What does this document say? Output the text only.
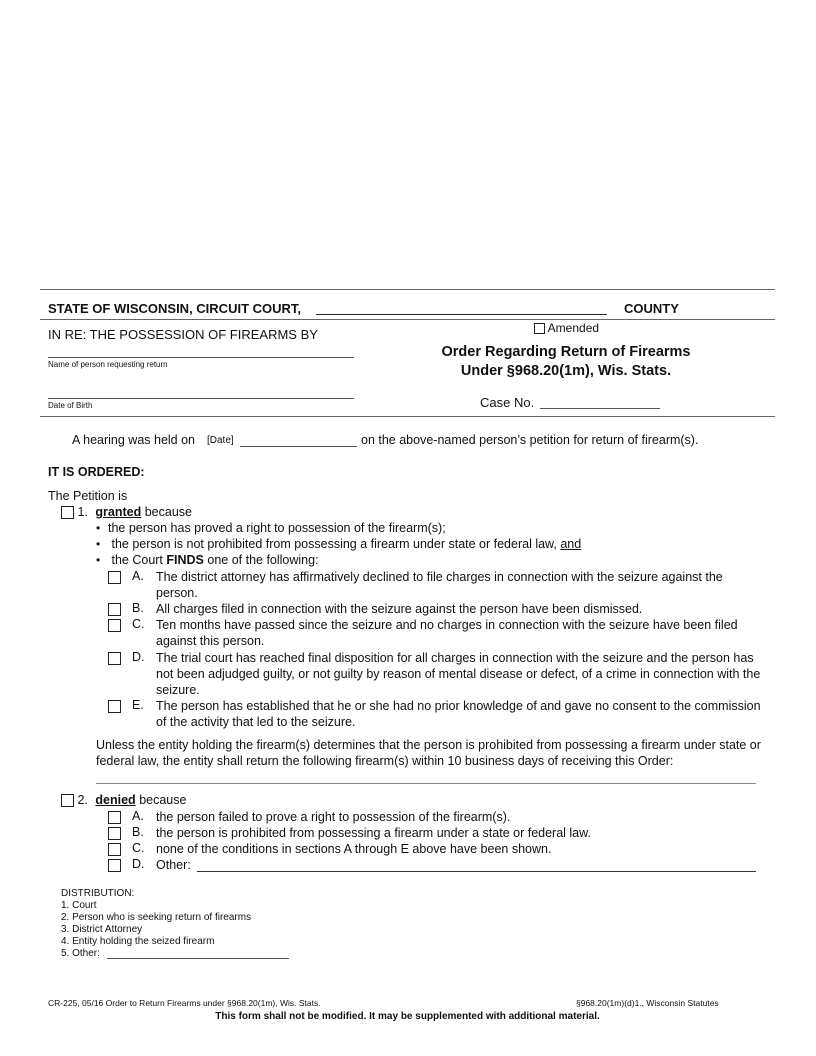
STATE OF WISCONSIN, CIRCUIT COURT,	COUNTY
IN RE: THE POSSESSION OF FIREARMS BY
Name of person requesting return
Date of Birth
Amended
Order Regarding Return of Firearms
Under §968.20(1m), Wis. Stats.
Case No.
A hearing was held on [Date]	on the above-named person’s petition for return of firearm(s).
IT IS ORDERED:
The Petition is
1. granted because
• the person has proved a right to possession of the firearm(s);
• the person is not prohibited from possessing a firearm under state or federal law, and
• the Court FINDS one of the following:
A. The district attorney has affirmatively declined to file charges in connection with the seizure against the person.
B. All charges filed in connection with the seizure against the person have been dismissed.
C. Ten months have passed since the seizure and no charges in connection with the seizure have been filed against this person.
D. The trial court has reached final disposition for all charges in connection with the seizure and the person has not been adjudged guilty, or not guilty by reason of mental disease or defect, of a crime in connection with the seizure.
E. The person has established that he or she had no prior knowledge of and gave no consent to the commission of the activity that led to the seizure.
Unless the entity holding the firearm(s) determines that the person is prohibited from possessing a firearm under state or federal law, the entity shall return the following firearm(s) within 10 business days of receiving this Order:
2. denied because
A. the person failed to prove a right to possession of the firearm(s).
B. the person is prohibited from possessing a firearm under a state or federal law.
C. none of the conditions in sections A through E above have been shown.
D. Other:
DISTRIBUTION:
1. Court
2. Person who is seeking return of firearms
3. District Attorney
4. Entity holding the seized firearm
5. Other:
CR-225, 05/16 Order to Return Firearms under §968.20(1m), Wis. Stats.	§968.20(1m)(d)1., Wisconsin Statutes
This form shall not be modified. It may be supplemented with additional material.
